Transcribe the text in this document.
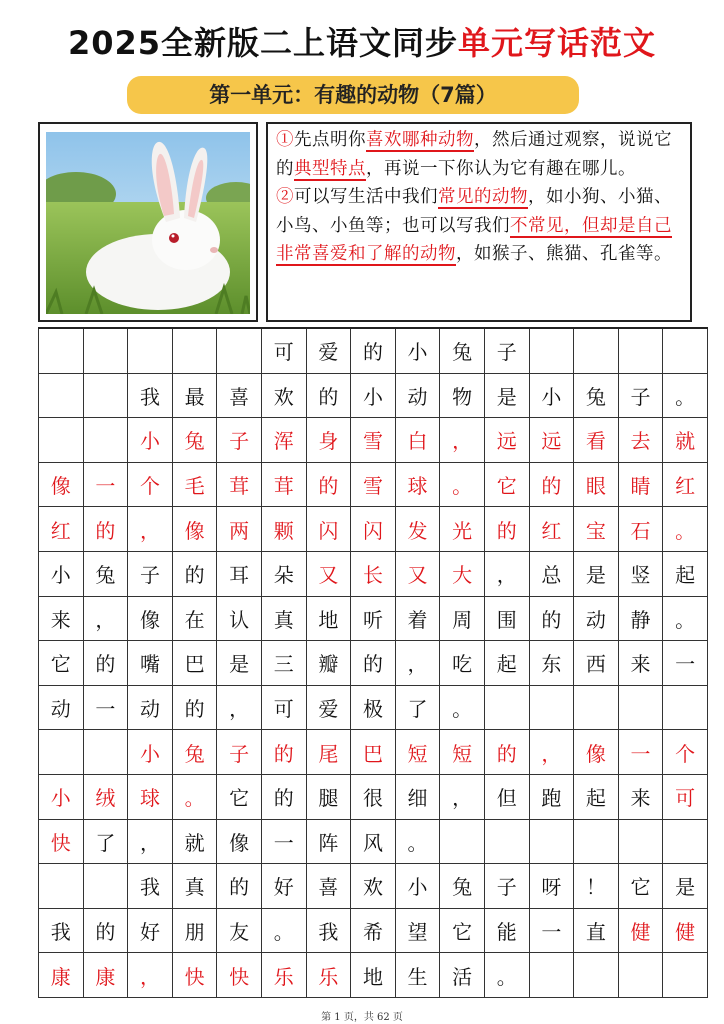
2025全新版二上语文同步单元写话范文
第一单元：有趣的动物（7篇）
①先点明你喜欢哪种动物，然后通过观察，说说它的典型特点，再说一下你认为它有趣在哪儿。
②可以写生活中我们常见的动物，如小狗、小猫、小鸟、小鱼等；也可以写我们不常见，但却是自己非常喜爱和了解的动物，如猴子、熊猫、孔雀等。
					可	爱	的	小	兔	子				
		我	最	喜	欢	的	小	动	物	是	小	兔	子	。
		小	兔	子	浑	身	雪	白	，	远	远	看	去	就
像	一	个	毛	茸	茸	的	雪	球	。	它	的	眼	睛	红
红	的	，	像	两	颗	闪	闪	发	光	的	红	宝	石	。
小	兔	子	的	耳	朵	又	长	又	大	，	总	是	竖	起
来	，	像	在	认	真	地	听	着	周	围	的	动	静	。
它	的	嘴	巴	是	三	瓣	的	，	吃	起	东	西	来	一
动	一	动	的	，	可	爱	极	了	。					
		小	兔	子	的	尾	巴	短	短	的	，	像	一	个
小	绒	球	。	它	的	腿	很	细	，	但	跑	起	来	可
快	了	，	就	像	一	阵	风	。						
		我	真	的	好	喜	欢	小	兔	子	呀	！	它	是
我	的	好	朋	友	。	我	希	望	它	能	一	直	健	健
康	康	，	快	快	乐	乐	地	生	活	。				
第 1 页，共 62 页
